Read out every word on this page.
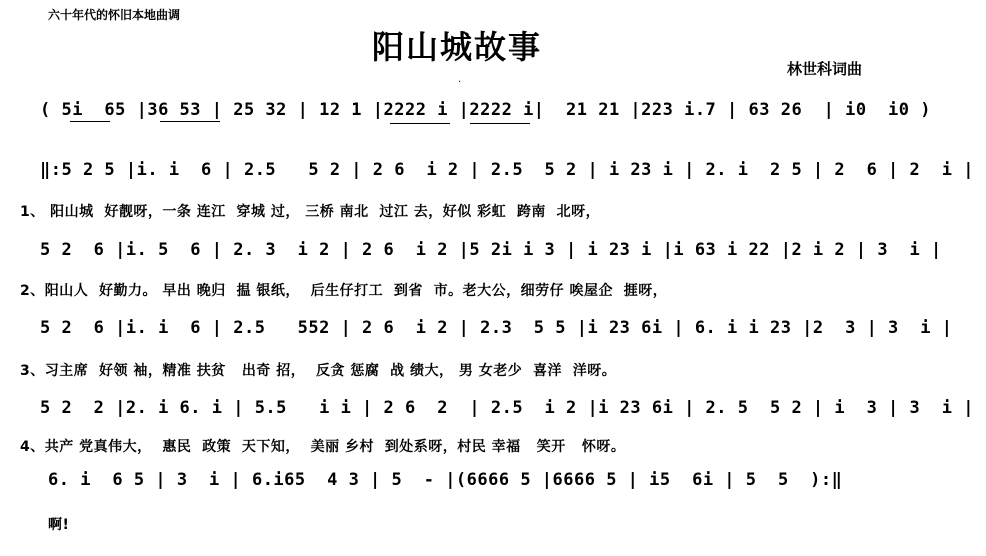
六十年代的怀旧本地曲调
阳山城故事
林世科词曲
.
( 5i  65 |36 53 | 25 32 | 12 1 |2222 i |2222 i|  21 21 |223 i.7 | 63 26  | i0  i0 )
‖:5 2 5 |i. i  6 | 2.5   5 2 | 2 6  i 2 | 2.5  5 2 | i 23 i | 2. i  2 5 | 2  6 | 2  i |
1、 阳山城  好靓呀，一条 连江  穿城 过， 三桥 南北  过江 去，好似 彩虹  跨南  北呀，
5 2  6 |i. 5  6 | 2. 3  i 2 | 2 6  i 2 |5 2i i 3 | i 23 i |i 63 i 22 |2 i 2 | 3  i |
2、阳山人  好勤力。 早出 晚归  揾 银纸，  后生仔打工  到省  市。老大公，细劳仔 唉屋企  捱呀，
5 2  6 |i. i  6 | 2.5   552 | 2 6  i 2 | 2.3  5 5 |i 23 6i | 6. i i 23 |2  3 | 3  i |
3、习主席  好领 袖，精准 扶贫   出奇 招，  反贪 惩腐  战 绩大， 男 女老少  喜洋  洋呀。
5 2  2 |2. i 6. i | 5.5   i i | 2 6  2  | 2.5  i 2 |i 23 6i | 2. 5  5 2 | i  3 | 3  i |
4、共产 党真伟大，  惠民  政策  天下知，  美丽 乡村  到处系呀，村民 幸福   笑开   怀呀。
6. i  6 5 | 3  i | 6.i65  4 3 | 5  - |(6666 5 |6666 5 | i5  6i | 5  5  ):‖
啊!
